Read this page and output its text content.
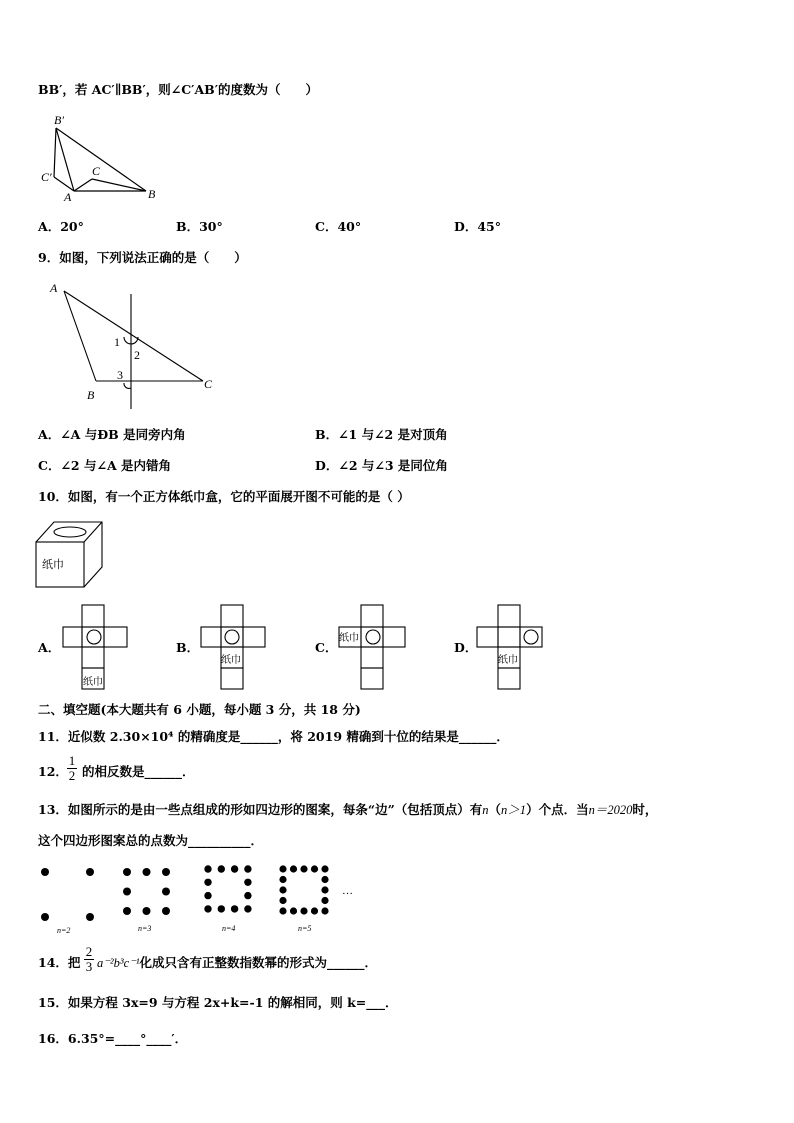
BB′，若 AC′∥BB′，则∠C′AB′的度数为（　　）
B′
C′	C
A	B
A．20°	B．30°	C．40°	D．45°
9．如图，下列说法正确的是（　　）
A
B
C
1
2
3
A．∠A 与ÐB 是同旁内角	B．∠1 与∠2 是对顶角
C．∠2 与∠A 是内错角	D．∠2 与∠3 是同位角
10．如图，有一个正方体纸巾盒，它的平面展开图不可能的是（ ）
纸巾
A．	B．	C．	D．
纸巾
纸巾
纸巾
纸巾
二、填空题(本大题共有 6 小题，每小题 3 分，共 18 分)
11．近似数 2.30×10⁴ 的精确度是______，将 2019 精确到十位的结果是______．
12．
1
2 的相反数是______．
13．如图所示的是由一些点组成的形如四边形的图案，每条“边”（包括顶点）有n（n＞1）个点．当n＝2020时，
这个四边形图案总的点数为__________．
n=2	n=3	n=4	n=5
…
14．把
2
3 a⁻²b³c⁻¹化成只含有正整数指数幂的形式为______．
15．如果方程 3x=9 与方程 2x+k=-1 的解相同，则 k=___．
16．6.35°=____°____′．
